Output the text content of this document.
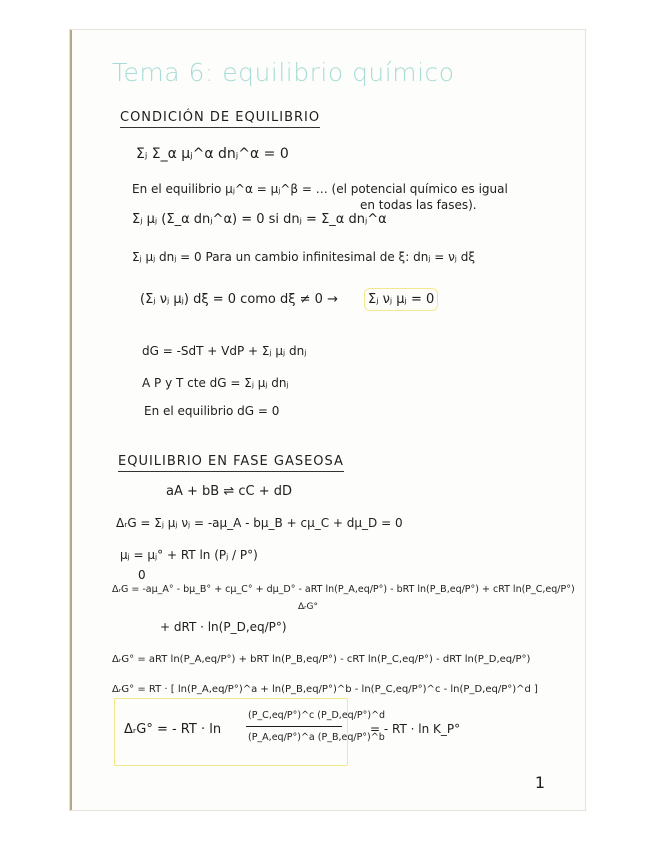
Tema 6: equilibrio químico
CONDICIÓN DE EQUILIBRIO
Σⱼ Σ_α μⱼ^α dnⱼ^α = 0
En el equilibrio μⱼ^α = μⱼ^β = … (el potencial químico es igual
en todas las fases).
Σⱼ μⱼ (Σ_α dnⱼ^α) = 0 si dnⱼ = Σ_α dnⱼ^α
Σⱼ μⱼ dnⱼ = 0 Para un cambio infinitesimal de ξ: dnⱼ = νⱼ dξ
(Σⱼ νⱼ μⱼ) dξ = 0 como dξ ≠ 0 → Σⱼ νⱼ μⱼ = 0
dG = -SdT + VdP + Σⱼ μⱼ dnⱼ
A P y T cte dG = Σⱼ μⱼ dnⱼ
En el equilibrio dG = 0
EQUILIBRIO EN FASE GASEOSA
aA + bB ⇌ cC + dD
ΔᵣG = Σⱼ μⱼ νⱼ = -aμ_A - bμ_B + cμ_C + dμ_D = 0
μⱼ = μⱼ° + RT ln (Pⱼ / P°)
0
ΔᵣG = -aμ_A° - bμ_B° + cμ_C° + dμ_D° - aRT ln(P_A,eq/P°) - bRT ln(P_B,eq/P°) + cRT ln(P_C,eq/P°)
ΔᵣG°
+ dRT · ln(P_D,eq/P°)
ΔᵣG° = aRT ln(P_A,eq/P°) + bRT ln(P_B,eq/P°) - cRT ln(P_C,eq/P°) - dRT ln(P_D,eq/P°)
ΔᵣG° = RT · [ ln(P_A,eq/P°)^a + ln(P_B,eq/P°)^b - ln(P_C,eq/P°)^c - ln(P_D,eq/P°)^d ]
ΔᵣG° = - RT · ln
(P_C,eq/P°)^c (P_D,eq/P°)^d
(P_A,eq/P°)^a (P_B,eq/P°)^b
= - RT · ln K_P°
1
